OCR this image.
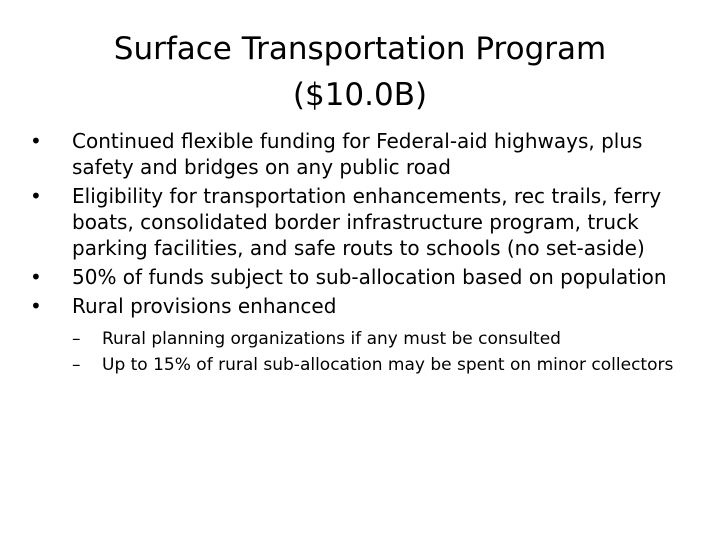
Surface Transportation Program
($10.0B)
•	Continued flexible funding for Federal-aid highways, plus safety and bridges on any public road
•	Eligibility for transportation enhancements, rec trails, ferry boats, consolidated border infrastructure program, truck parking facilities, and safe routs to schools (no set-aside)
•	50% of funds subject to sub-allocation based on population
•	Rural provisions enhanced
–	Rural planning organizations if any must be consulted
–	Up to 15% of rural sub-allocation may be spent on minor collectors
